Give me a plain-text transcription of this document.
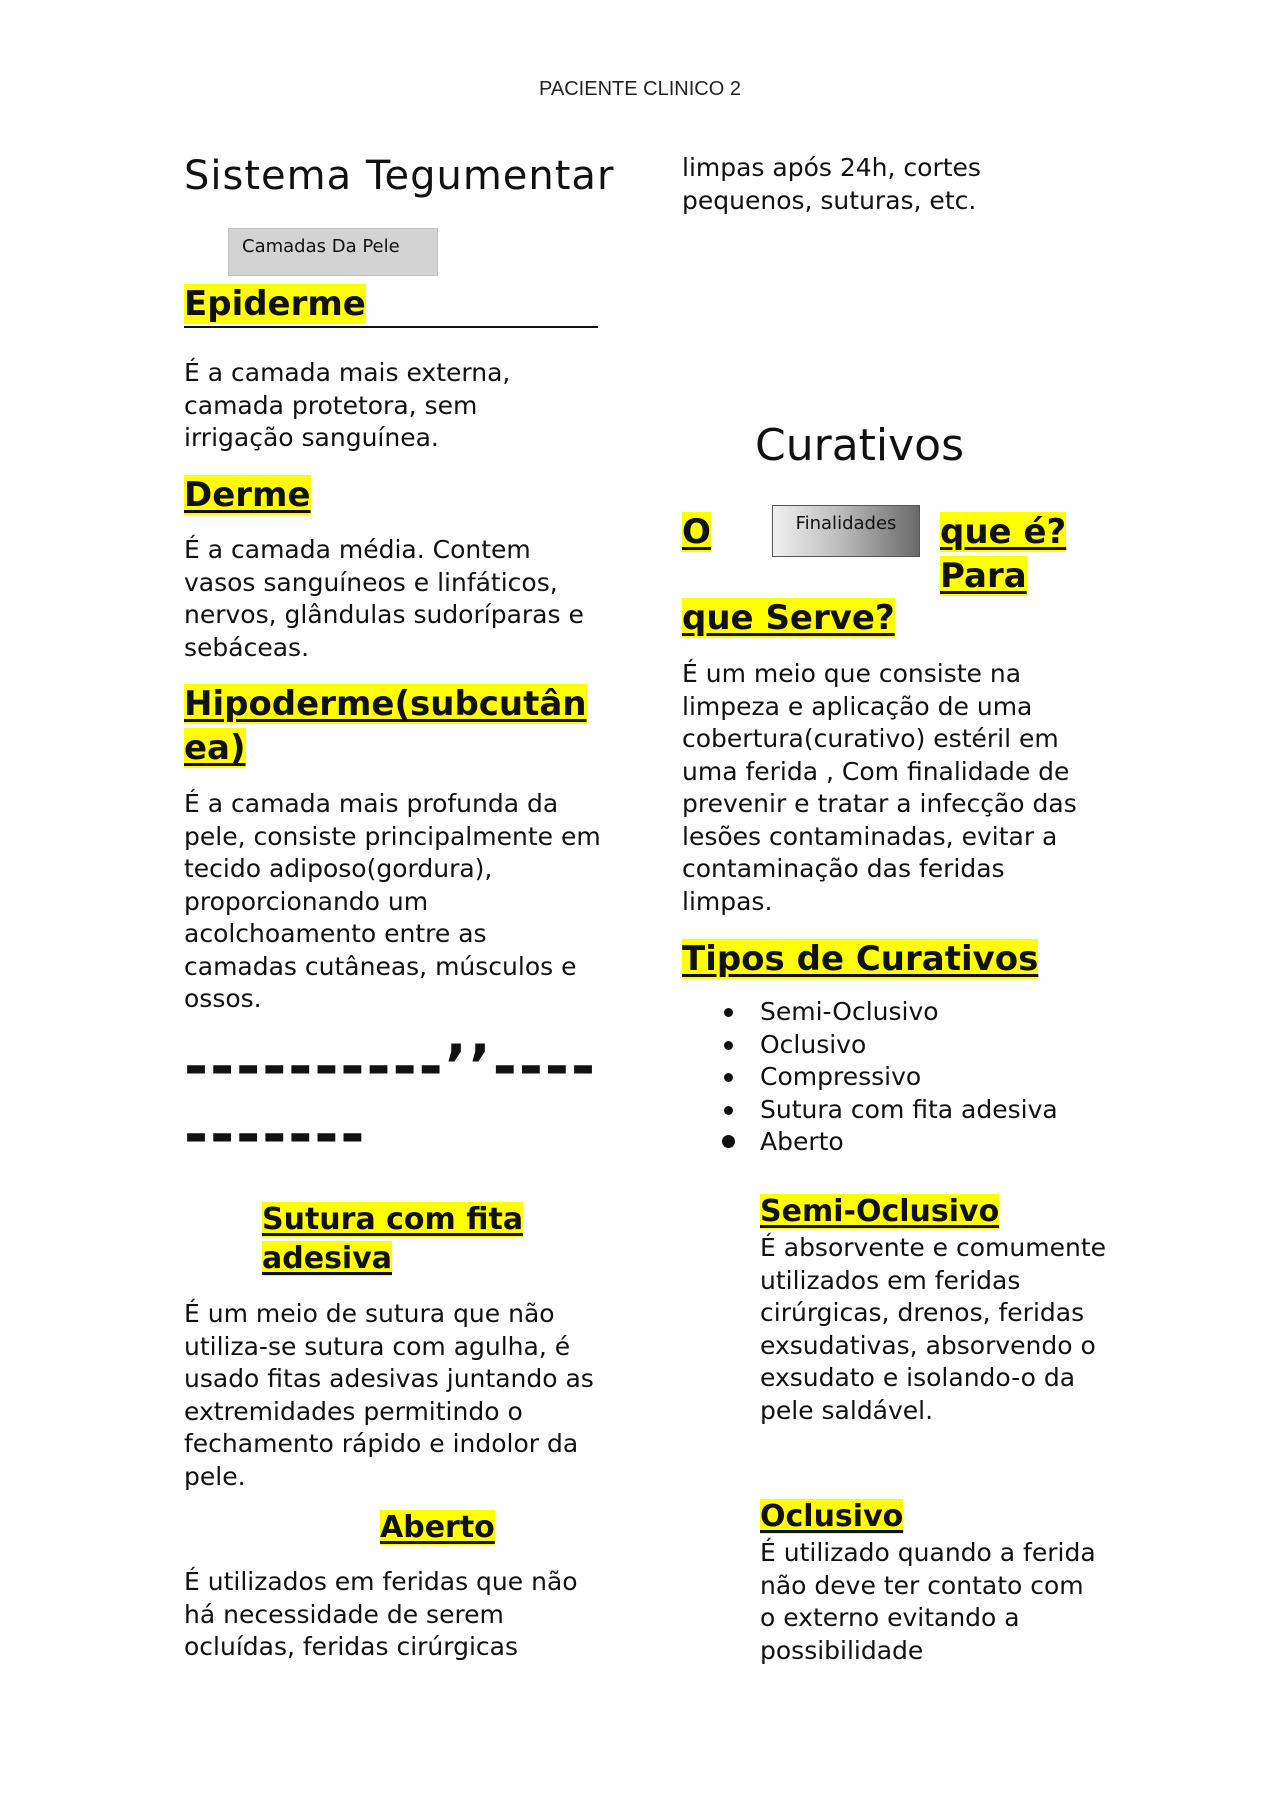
PACIENTE CLINICO 2
Sistema Tegumentar
Camadas Da Pele
Epiderme
É a camada mais externa, camada protetora, sem irrigação sanguínea.
Derme
É a camada média. Contem vasos sanguíneos e linfáticos, nervos, glândulas sudoríparas e sebáceas.
Hipoderme(subcutân
ea)
É a camada mais profunda da pele, consiste principalmente em tecido adiposo(gordura), proporcionando um acolchoamento entre as camadas cutâneas, músculos e ossos.
----------’’----
-------
Sutura com fita
adesiva
É um meio de sutura que não utiliza-se sutura com agulha, é usado fitas adesivas juntando as extremidades permitindo o fechamento rápido e indolor da pele.
Aberto
É utilizados em feridas que não há necessidade de serem ocluídas, feridas cirúrgicas
limpas após 24h, cortes pequenos, suturas, etc.
Curativos
O	Finalidades	que é?
Para
que Serve?
É um meio que consiste na limpeza e aplicação de uma cobertura(curativo) estéril em uma ferida , Com finalidade de prevenir e tratar a infecção das lesões contaminadas, evitar a contaminação das feridas limpas.
Tipos de Curativos
Semi-Oclusivo
Oclusivo
Compressivo
Sutura com fita adesiva
Aberto
Semi-Oclusivo
É absorvente e comumente utilizados em feridas cirúrgicas, drenos, feridas exsudativas, absorvendo o exsudato e isolando-o da pele saldável.
Oclusivo
É utilizado quando a ferida não deve ter contato com o externo evitando a possibilidade
